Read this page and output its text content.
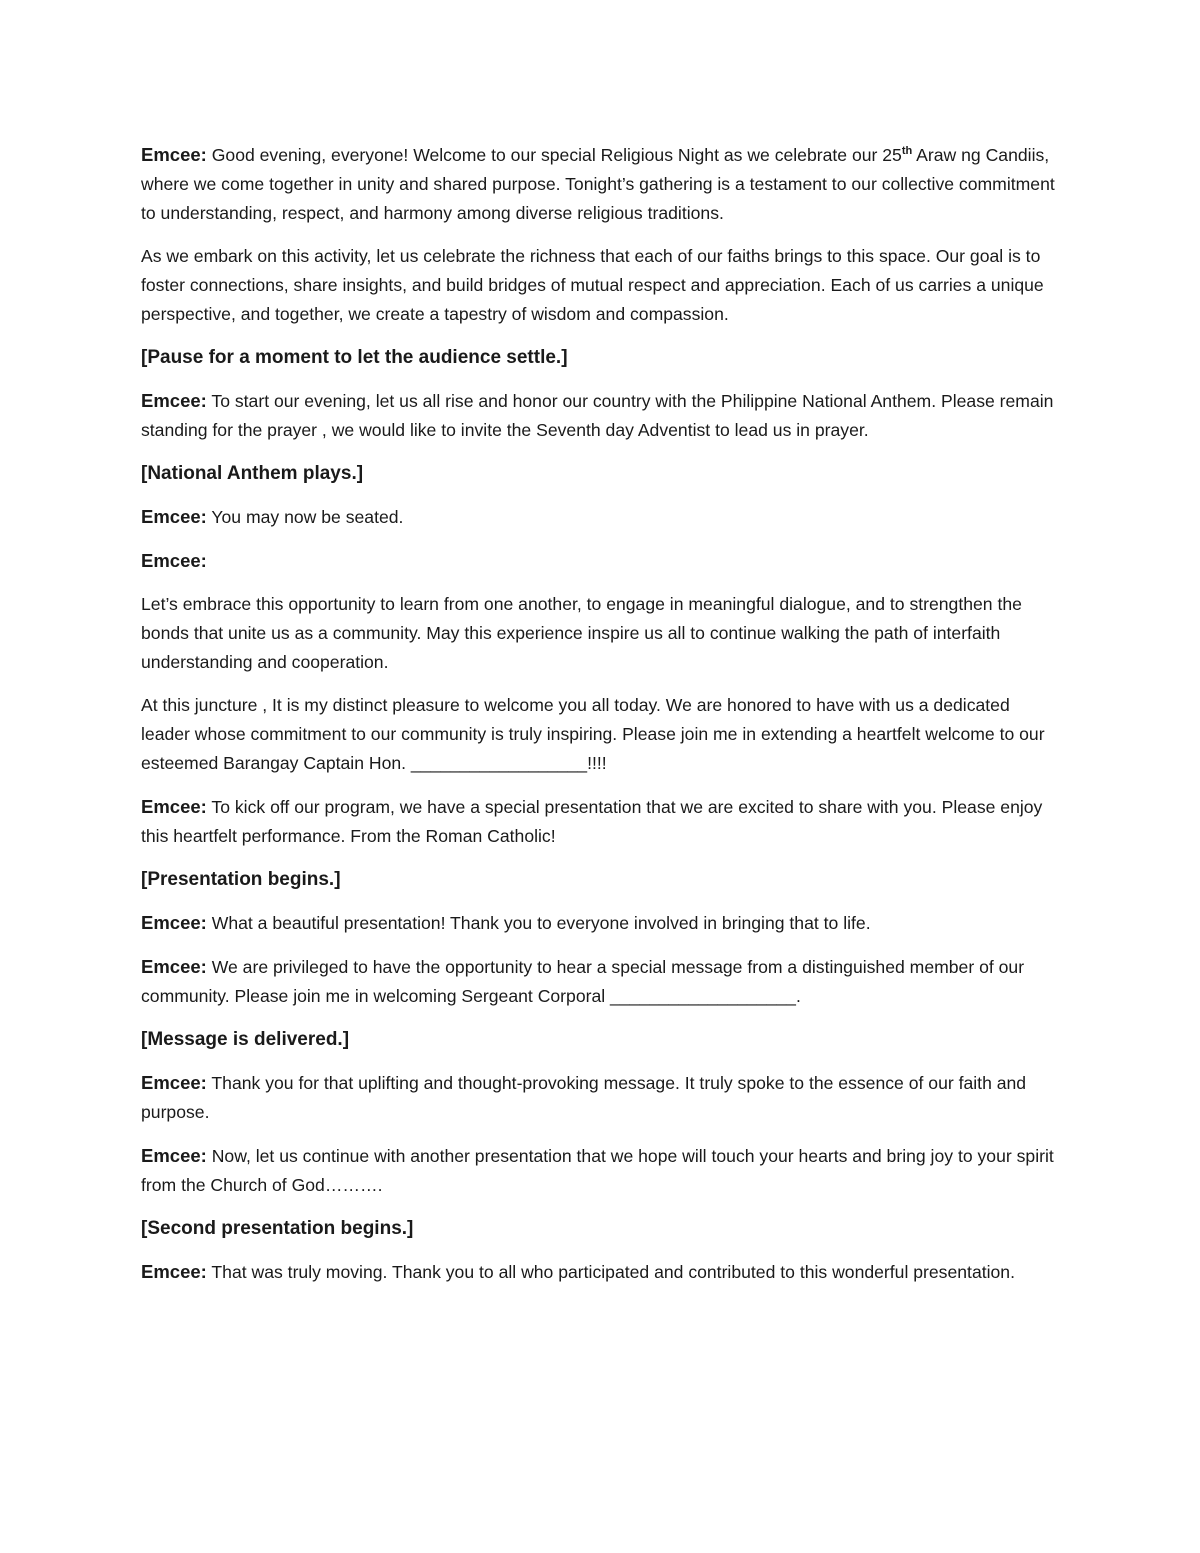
Emcee: Good evening, everyone! Welcome to our special Religious Night as we celebrate our 25th Araw ng Candiis, where we come together in unity and shared purpose. Tonight’s gathering is a testament to our collective commitment to understanding, respect, and harmony among diverse religious traditions.

As we embark on this activity, let us celebrate the richness that each of our faiths brings to this space. Our goal is to foster connections, share insights, and build bridges of mutual respect and appreciation. Each of us carries a unique perspective, and together, we create a tapestry of wisdom and compassion.

[Pause for a moment to let the audience settle.]

Emcee: To start our evening, let us all rise and honor our country with the Philippine National Anthem. Please remain standing for the prayer , we would like to invite the Seventh day Adventist to lead us in prayer.

[National Anthem plays.]

Emcee: You may now be seated.

Emcee:

Let’s embrace this opportunity to learn from one another, to engage in meaningful dialogue, and to strengthen the bonds that unite us as a community. May this experience inspire us all to continue walking the path of interfaith understanding and cooperation.

At this juncture , It is my distinct pleasure to welcome you all today. We are honored to have with us a dedicated leader whose commitment to our community is truly inspiring. Please join me in extending a heartfelt welcome to our esteemed Barangay Captain Hon. __________________!!!!

Emcee: To kick off our program, we have a special presentation that we are excited to share with you. Please enjoy this heartfelt performance. From the Roman Catholic!

[Presentation begins.]

Emcee: What a beautiful presentation! Thank you to everyone involved in bringing that to life.

Emcee: We are privileged to have the opportunity to hear a special message from a distinguished member of our community. Please join me in welcoming Sergeant Corporal ___________________.

[Message is delivered.]

Emcee: Thank you for that uplifting and thought-provoking message. It truly spoke to the essence of our faith and purpose.

Emcee: Now, let us continue with another presentation that we hope will touch your hearts and bring joy to your spirit from the Church of God……….

[Second presentation begins.]

Emcee: That was truly moving. Thank you to all who participated and contributed to this wonderful presentation.
